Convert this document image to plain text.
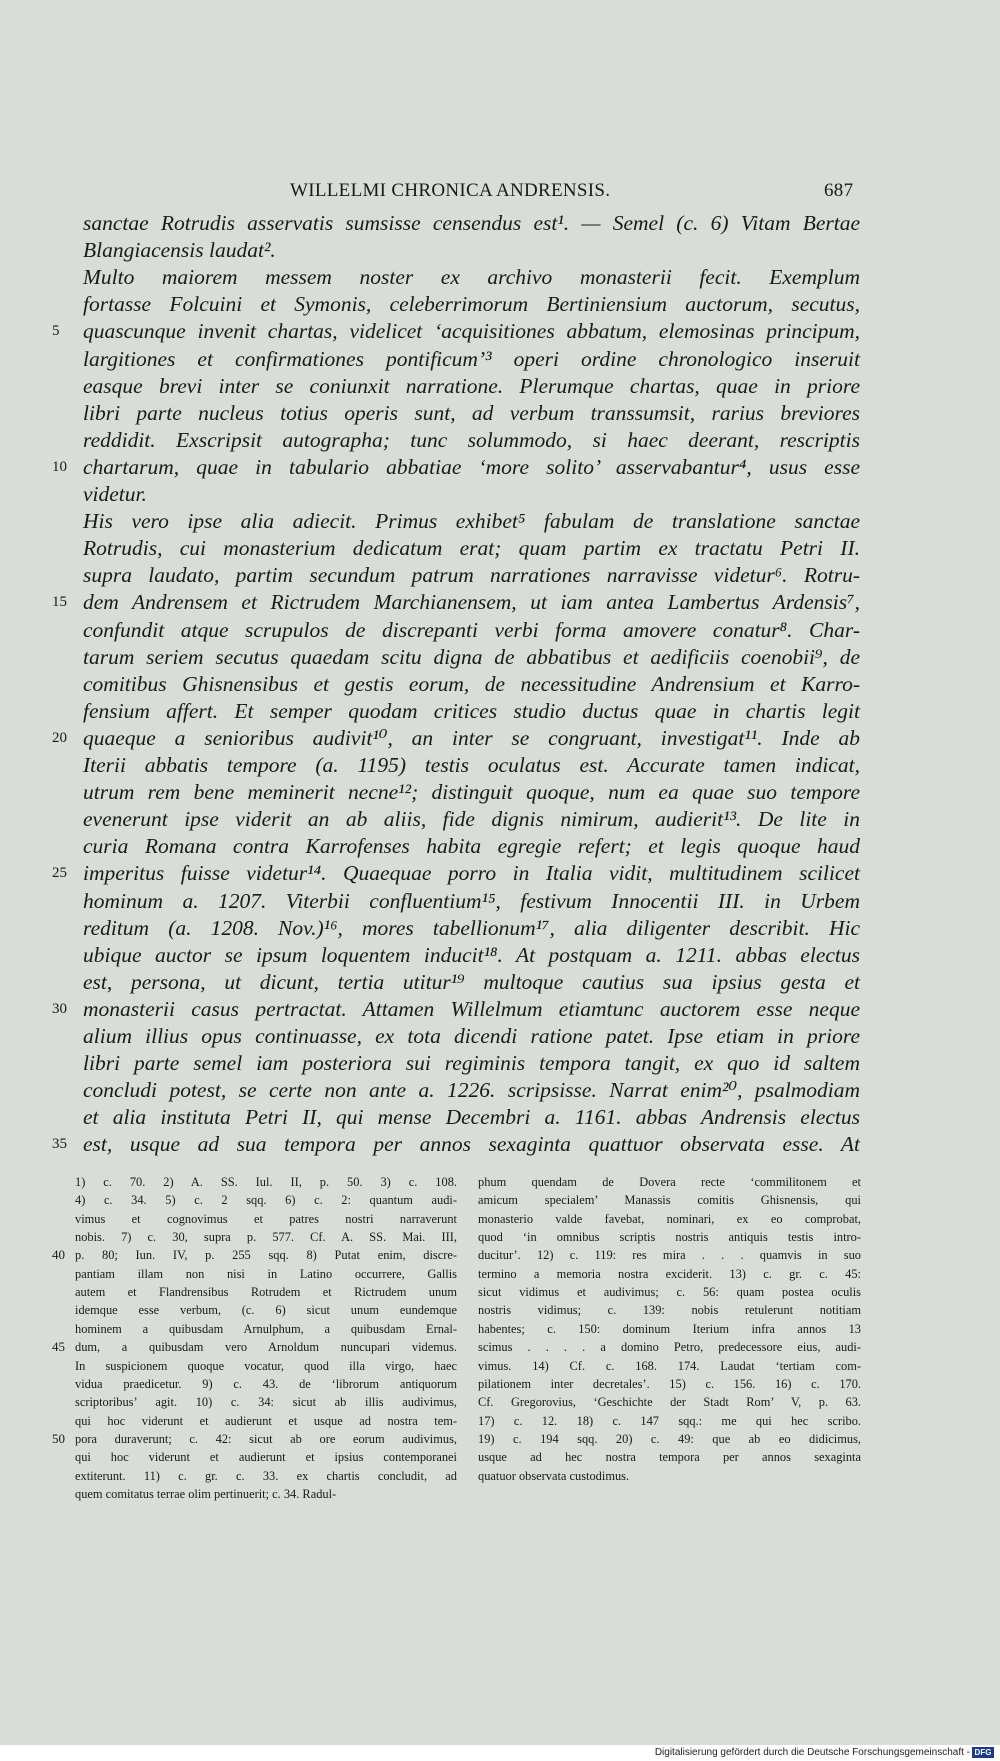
WILLELMI CHRONICA ANDRENSIS.	687
sanctae Rotrudis asservatis sumsisse censendus est¹. — Semel (c. 6) Vitam Bertae
Blangiacensis laudat².
Multo maiorem messem noster ex archivo monasterii fecit. Exemplum
fortasse Folcuini et Symonis, celeberrimorum Bertiniensium auctorum, secutus,
5	quascunque invenit chartas, videlicet ‘acquisitiones abbatum, elemosinas principum,
largitiones et confirmationes pontificum’³ operi ordine chronologico inseruit
easque brevi inter se coniunxit narratione. Plerumque chartas, quae in priore
libri parte nucleus totius operis sunt, ad verbum transsumsit, rarius breviores
reddidit. Exscripsit autographa; tunc solummodo, si haec deerant, rescriptis
10 chartarum, quae in tabulario abbatiae ‘more solito’ asservabantur⁴, usus esse
videtur.
His vero ipse alia adiecit. Primus exhibet⁵ fabulam de translatione sanctae
Rotrudis, cui monasterium dedicatum erat; quam partim ex tractatu Petri II.
supra laudato, partim secundum patrum narrationes narravisse videtur⁶. Rotru-
15 dem Andrensem et Rictrudem Marchianensem, ut iam antea Lambertus Ardensis⁷,
confundit atque scrupulos de discrepanti verbi forma amovere conatur⁸. Char-
tarum seriem secutus quaedam scitu digna de abbatibus et aedificiis coenobii⁹, de
comitibus Ghisnensibus et gestis eorum, de necessitudine Andrensium et Karro-
fensium affert. Et semper quodam critices studio ductus quae in chartis legit
20 quaeque a senioribus audivit¹⁰, an inter se congruant, investigat¹¹. Inde ab
Iterii abbatis tempore (a. 1195) testis oculatus est. Accurate tamen indicat,
utrum rem bene meminerit necne¹²; distinguit quoque, num ea quae suo tempore
evenerunt ipse viderit an ab aliis, fide dignis nimirum, audierit¹³. De lite in
curia Romana contra Karrofenses habita egregie refert; et legis quoque haud
25 imperitus fuisse videtur¹⁴. Quaequae porro in Italia vidit, multitudinem scilicet
hominum a. 1207. Viterbii confluentium¹⁵, festivum Innocentii III. in Urbem
reditum (a. 1208. Nov.)¹⁶, mores tabellionum¹⁷, alia diligenter describit. Hic
ubique auctor se ipsum loquentem inducit¹⁸. At postquam a. 1211. abbas electus
est, persona, ut dicunt, tertia utitur¹⁹ multoque cautius sua ipsius gesta et
30 monasterii casus pertractat. Attamen Willelmum etiamtunc auctorem esse neque
alium illius opus continuasse, ex tota dicendi ratione patet. Ipse etiam in priore
libri parte semel iam posteriora sui regiminis tempora tangit, ex quo id saltem
concludi potest, se certe non ante a. 1226. scripsisse. Narrat enim²⁰, psalmodiam
et alia instituta Petri II, qui mense Decembri a. 1161. abbas Andrensis electus
35 est, usque ad sua tempora per annos sexaginta quattuor observata esse. At
1) c. 70. 2) A. SS. Iul. II, p. 50. 3) c. 108.
4) c. 34. 5) c. 2 sqq. 6) c. 2: quantum audi-
vimus et cognovimus et patres nostri narraverunt
nobis. 7) c. 30, supra p. 577. Cf. A. SS. Mai. III,
40 p. 80; Iun. IV, p. 255 sqq. 8) Putat enim, discre-
pantiam illam non nisi in Latino occurrere, Gallis
autem et Flandrensibus Rotrudem et Rictrudem unum
idemque esse verbum, (c. 6) sicut unum eundemque
hominem a quibusdam Arnulphum, a quibusdam Ernal-
45 dum, a quibusdam vero Arnoldum nuncupari videmus.
In suspicionem quoque vocatur, quod illa virgo, haec
vidua praedicetur. 9) c. 43. de ‘librorum antiquorum
scriptoribus’ agit. 10) c. 34: sicut ab illis audivimus,
qui hoc viderunt et audierunt et usque ad nostra tem-
50 pora duraverunt; c. 42: sicut ab ore eorum audivimus,
qui hoc viderunt et audierunt et ipsius contemporanei
extiterunt. 11) c. gr. c. 33. ex chartis concludit, ad
quem comitatus terrae olim pertinuerit; c. 34. Radul-
phum quendam de Dovera recte ‘commilitonem et
amicum specialem’ Manassis comitis Ghisnensis, qui
monasterio valde favebat, nominari, ex eo comprobat,
quod ‘in omnibus scriptis nostris antiquis testis intro-
ducitur’. 12) c. 119: res mira . . . quamvis in suo
termino a memoria nostra exciderit. 13) c. gr. c. 45:
sicut vidimus et audivimus; c. 56: quam postea oculis
nostris vidimus; c. 139: nobis retulerunt notitiam
habentes; c. 150: dominum Iterium infra annos 13
scimus . . . . a domino Petro, predecessore eius, audi-
vimus. 14) Cf. c. 168. 174. Laudat ‘tertiam com-
pilationem inter decretales’. 15) c. 156. 16) c. 170.
Cf. Gregorovius, ‘Geschichte der Stadt Rom’ V, p. 63.
17) c. 12. 18) c. 147 sqq.: me qui hec scribo.
19) c. 194 sqq. 20) c. 49: que ab eo didicimus,
usque ad hec nostra tempora per annos sexaginta
quatuor observata custodimus.
Digitalisierung gefördert durch die Deutsche Forschungsgemeinschaft - DFG
